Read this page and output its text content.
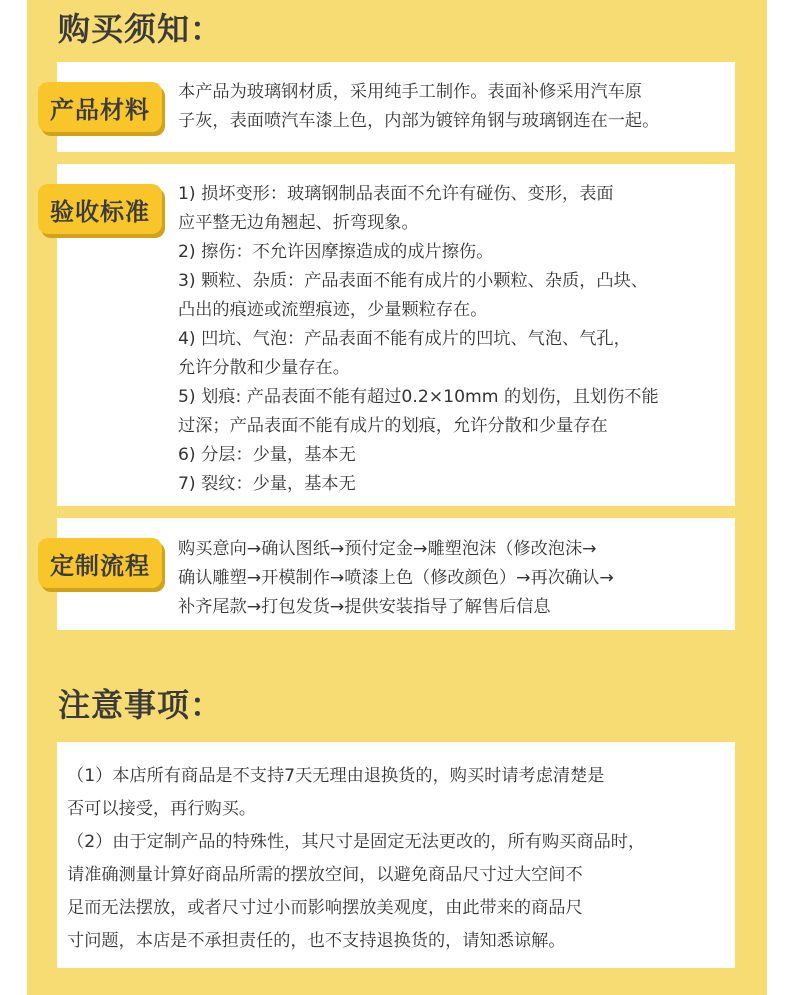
购买须知：
本产品为玻璃钢材质，采用纯手工制作。表面补修采用汽车原
子灰，表面喷汽车漆上色，内部为镀锌角钢与玻璃钢连在一起。
产品材料
1) 损坏变形：玻璃钢制品表面不允许有碰伤、变形，表面
应平整无边角翘起、折弯现象。
2) 擦伤：不允许因摩擦造成的成片擦伤。
3) 颗粒、杂质：产品表面不能有成片的小颗粒、杂质，凸块、
凸出的痕迹或流塑痕迹，少量颗粒存在。
4) 凹坑、气泡：产品表面不能有成片的凹坑、气泡、气孔，
允许分散和少量存在。
5) 划痕: 产品表面不能有超过0.2×10mm 的划伤，且划伤不能
过深；产品表面不能有成片的划痕，允许分散和少量存在
6) 分层：少量，基本无
7) 裂纹：少量，基本无
验收标准
购买意向→确认图纸→预付定金→雕塑泡沫（修改泡沫→
确认雕塑→开模制作→喷漆上色（修改颜色）→再次确认→
补齐尾款→打包发货→提供安装指导了解售后信息
定制流程
注意事项：
（1）本店所有商品是不支持7天无理由退换货的，购买时请考虑清楚是
否可以接受，再行购买。
（2）由于定制产品的特殊性，其尺寸是固定无法更改的，所有购买商品时，
请准确测量计算好商品所需的摆放空间，以避免商品尺寸过大空间不
足而无法摆放，或者尺寸过小而影响摆放美观度，由此带来的商品尺
寸问题，本店是不承担责任的，也不支持退换货的，请知悉谅解。
